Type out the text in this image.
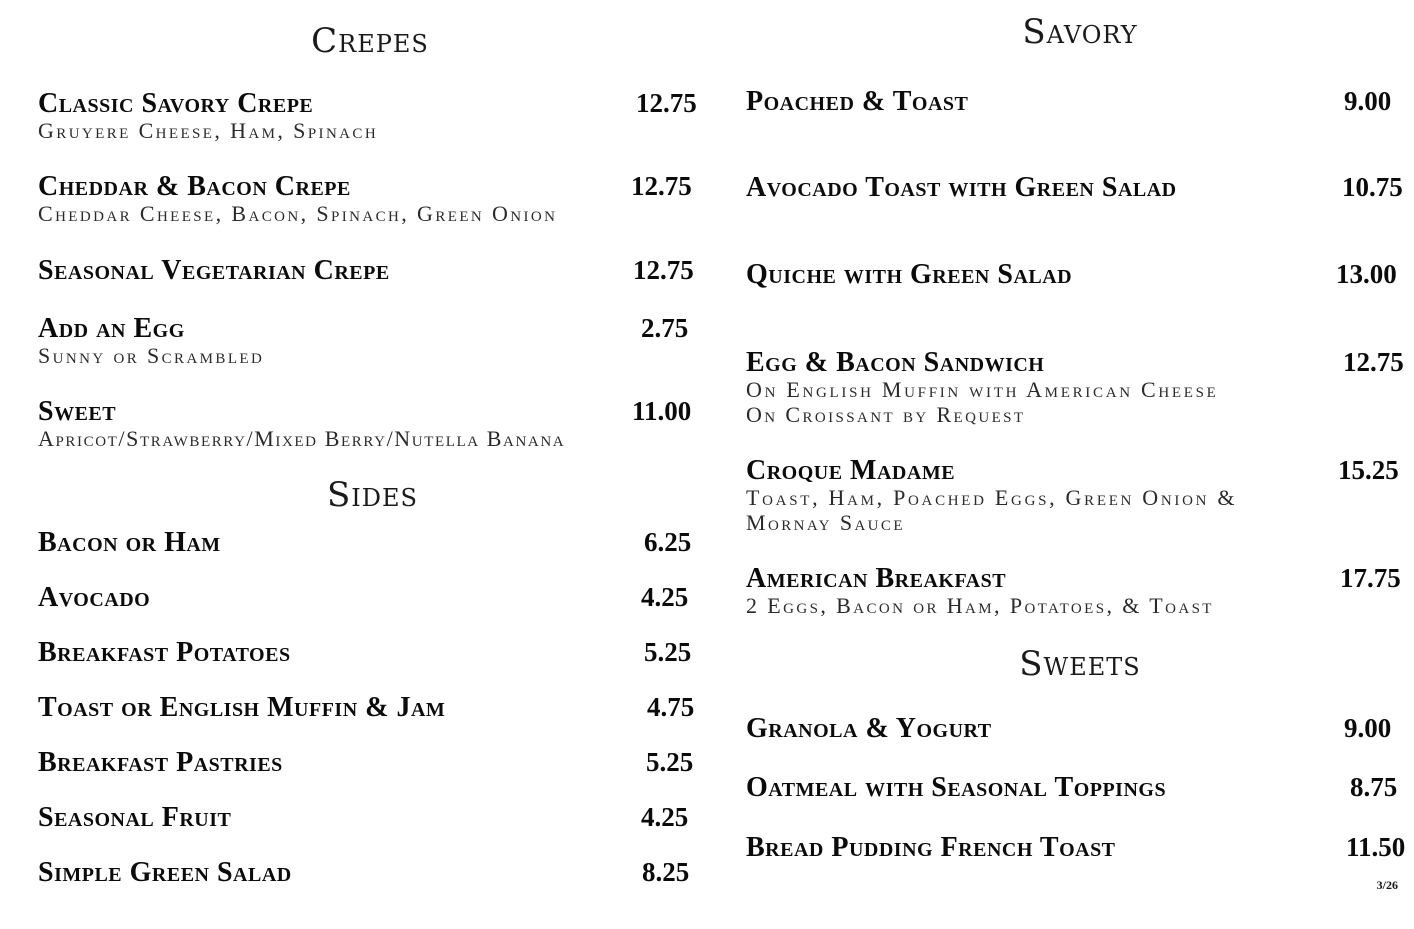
Crepes
Classic Savory Crepe	12.75
Gruyere Cheese, Ham, Spinach
Cheddar & Bacon Crepe	12.75
Cheddar Cheese, Bacon, Spinach, Green Onion
Seasonal Vegetarian Crepe	12.75
Add an Egg	2.75
Sunny or Scrambled
Sweet	11.00
Apricot/Strawberry/Mixed Berry/Nutella Banana
Sides
Bacon or Ham	6.25
Avocado	4.25
Breakfast Potatoes	5.25
Toast or English Muffin & Jam	4.75
Breakfast Pastries	5.25
Seasonal Fruit	4.25
Simple Green Salad	8.25
Savory
Poached & Toast	9.00
Avocado Toast with Green Salad	10.75
Quiche with Green Salad	13.00
Egg & Bacon Sandwich	12.75
On English Muffin with American Cheese
On Croissant by Request
Croque Madame	15.25
Toast, Ham, Poached Eggs, Green Onion &
Mornay Sauce
American Breakfast	17.75
2 Eggs, Bacon or Ham, Potatoes, & Toast
Sweets
Granola & Yogurt	9.00
Oatmeal with Seasonal Toppings	8.75
Bread Pudding French Toast	11.50
3/26
